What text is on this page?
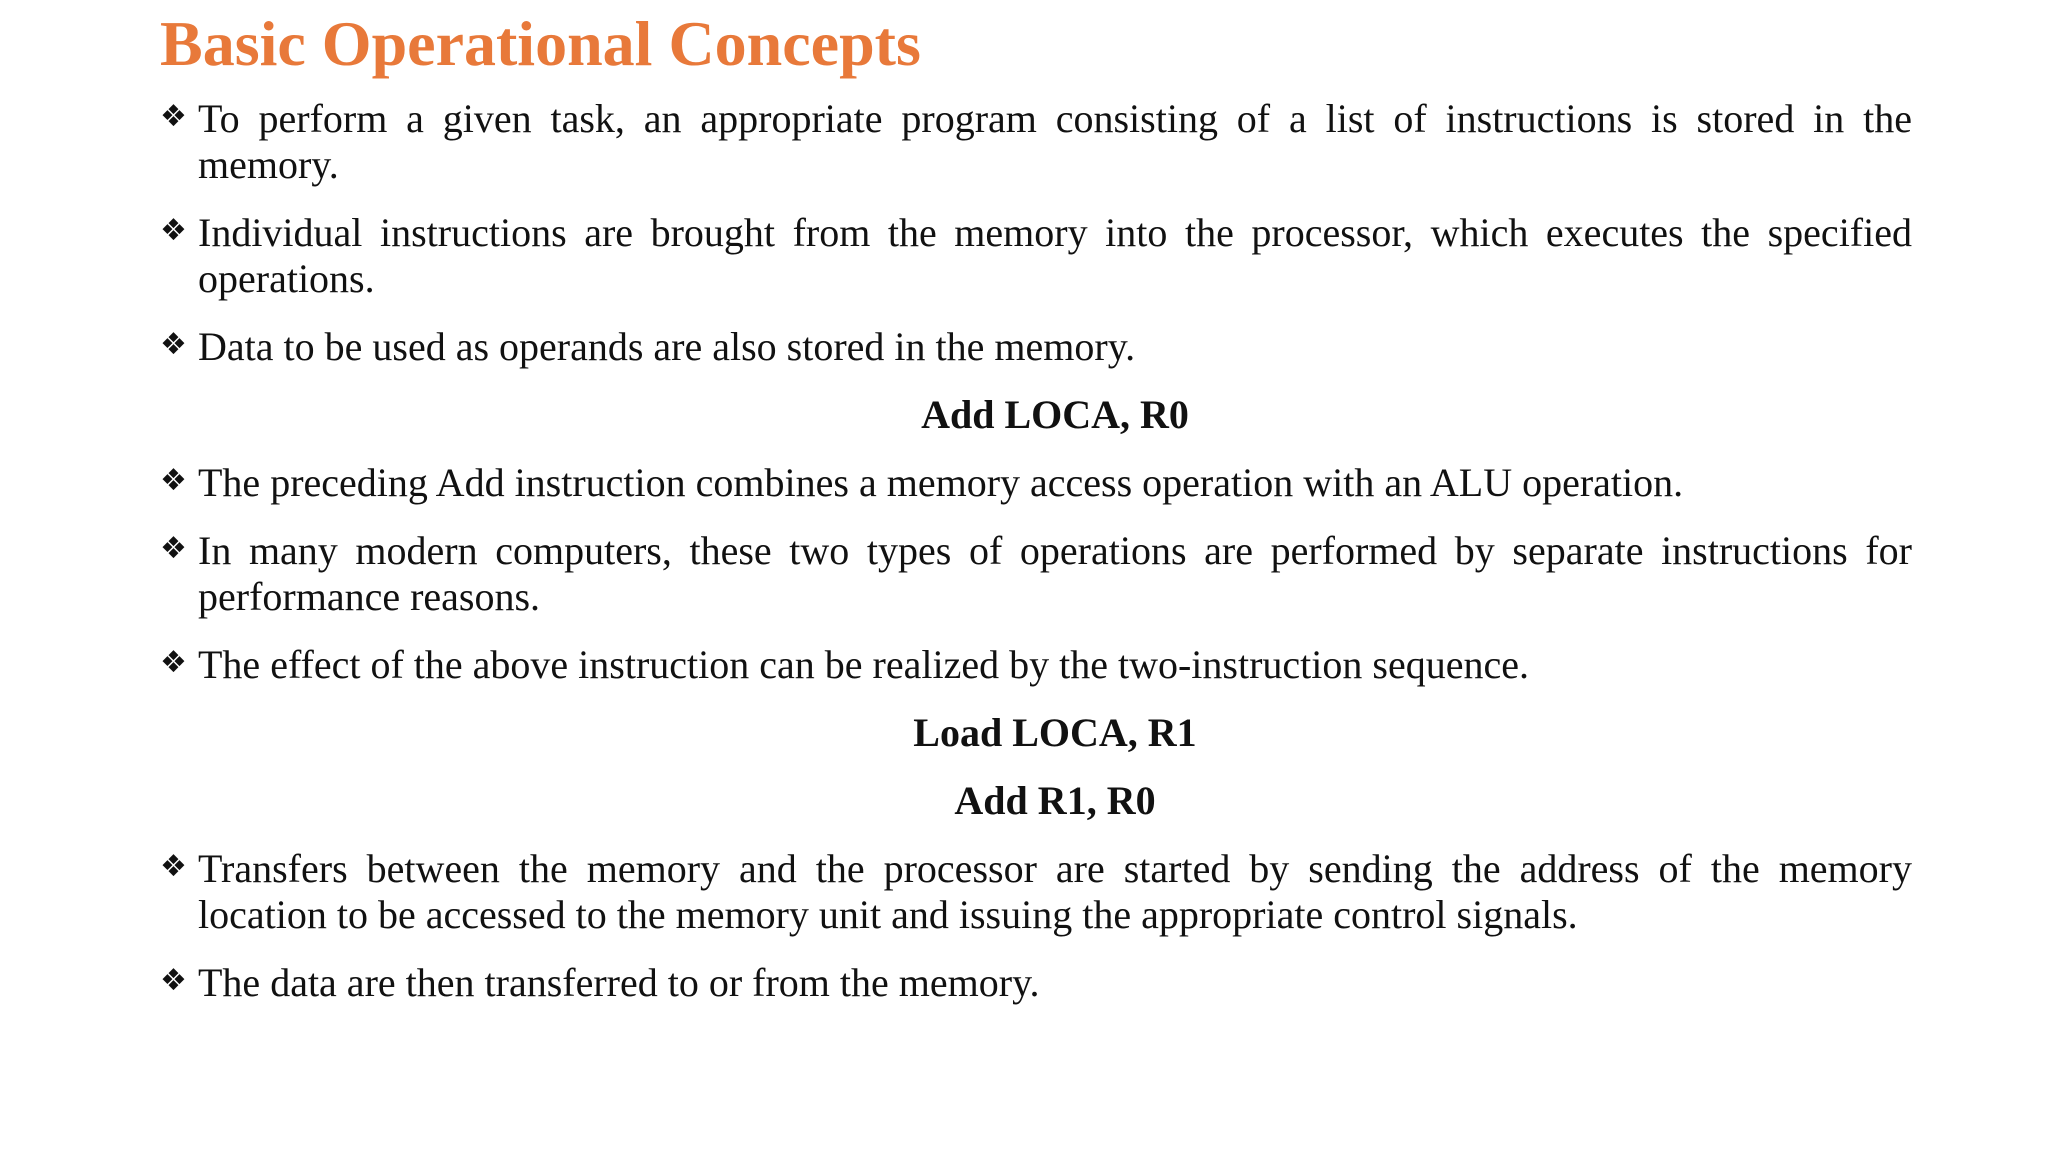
Basic Operational Concepts
❖ To perform a given task, an appropriate program consisting of a list of instructions is stored in the memory.
❖ Individual instructions are brought from the memory into the processor, which executes the specified operations.
❖ Data to be used as operands are also stored in the memory.
Add LOCA, R0
❖ The preceding Add instruction combines a memory access operation with an ALU operation.
❖ In many modern computers, these two types of operations are performed by separate instructions for performance reasons.
❖ The effect of the above instruction can be realized by the two-instruction sequence.
Load LOCA, R1
Add R1, R0
❖ Transfers between the memory and the processor are started by sending the address of the memory location to be accessed to the memory unit and issuing the appropriate control signals.
❖ The data are then transferred to or from the memory.
